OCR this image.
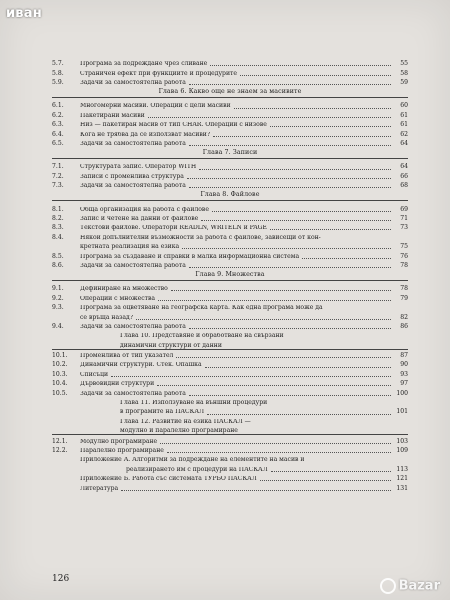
иван
5.7.	Програма за подреждане чрез сливане	55
5.8.	Страничен ефект при функциите и процедурите	58
5.9.	Задачи за самостоятелна работа	59
Глава 6. Какво още не знаем за масивите
6.1.	Многомерни масиви. Операции с цели масиви	60
6.2.	Пакетирани масиви	61
6.3.	Низ — пакетиран масив от тип CHAR. Операции с низове	61
6.4.	Кога не трябва да се използват масиви?	62
6.5.	Задачи за самостоятелна работа	64
Глава 7. Записи
7.1.	Структурата запис. Оператор WITH	64
7.2.	Записи с променлива структура	66
7.3.	Задачи за самостоятелна работа	68
Глава 8. Файлове
8.1.	Обща организация на работа с файлове	69
8.2.	Запис и четене на данни от файлове	71
8.3.	Текстови файлове. Оператори READLN, WRITELN и PAGE	73
8.4.	Някои допълнителни възможности за работа с файлове, зависещи от кон-
кретната реализация на езика	75
8.5.	Програма за създаване и справки в малка информационна система	76
8.6.	Задачи за самостоятелна работа	78
Глава 9. Множества
9.1.	Дефиниране на множество	78
9.2.	Операции с множества	79
9.3.	Програма за оцветяване на географска карта. Как една програма може да
се връща назад?	82
9.4.	Задачи за самостоятелна работа	86
Глава 10. Представяне и обработване на свързани
динамични структури от данни
10.1.	Променлива от тип указател	87
10.2.	Динамични структури. Стек. Опашка	90
10.3.	Списъци	93
10.4.	Дървовидни структури	97
10.5.	Задачи за самостоятелна работа	100
Глава 11. Използуване на външни процедури
в програмите на ПАСКАЛ	101
Глава 12. Развитие на езика ПАСКАЛ —
модулно и паралелно програмиране
12.1.	Модулно програмиране	103
12.2.	Паралелно програмиране	109
Приложение А. Алгоритми за подреждане на елементите на масив и
реализирането им с процедури на ПАСКАЛ	113
Приложение Б. Работа със системата ТУРБО ПАСКАЛ	121
Литература	131
126	Bazar
